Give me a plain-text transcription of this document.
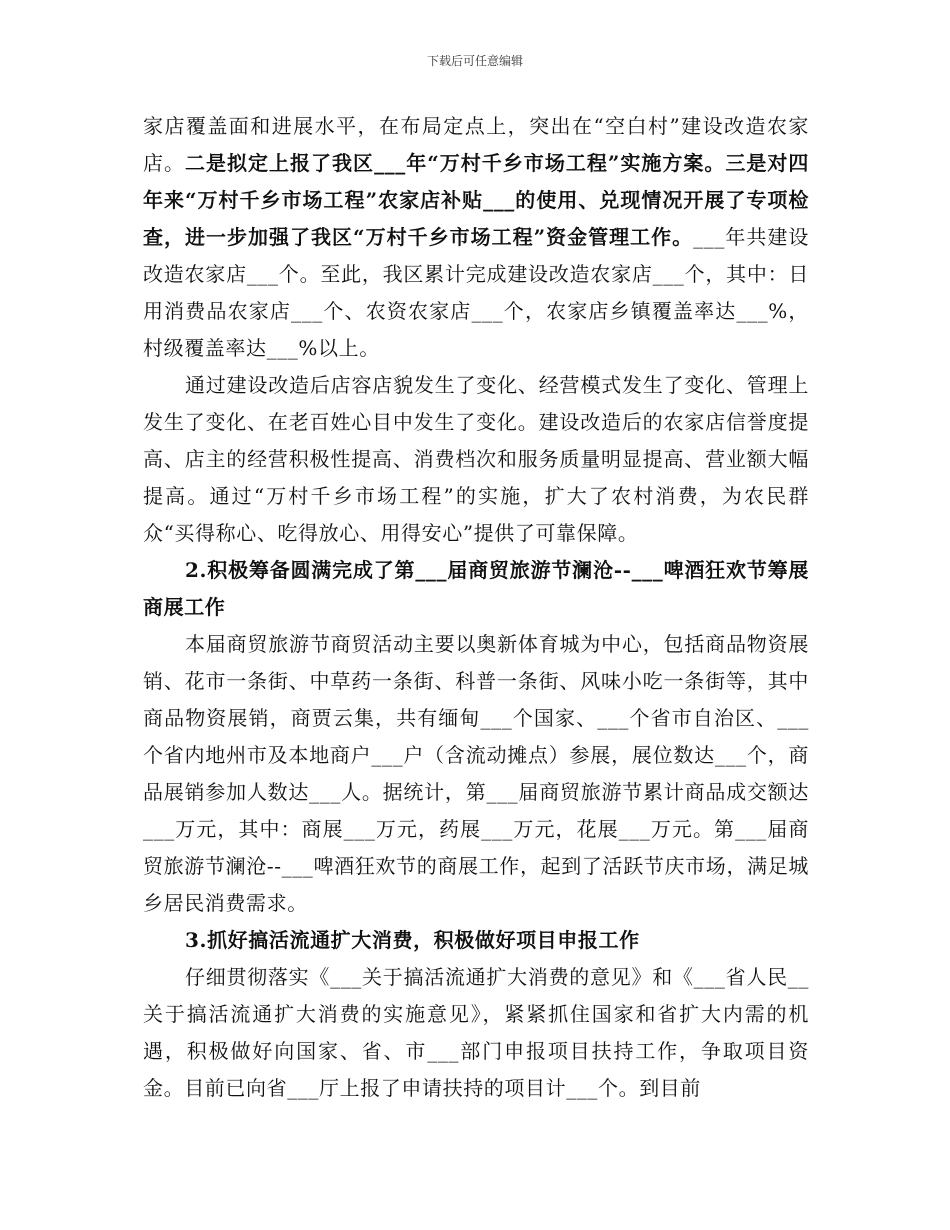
下载后可任意编辑

家店覆盖面和进展水平，在布局定点上，突出在“空白村”建设改造农家店。二是拟定上报了我区___年“万村千乡市场工程”实施方案。三是对四年来“万村千乡市场工程”农家店补贴___的使用、兑现情况开展了专项检查，进一步加强了我区“万村千乡市场工程”资金管理工作。___年共建设改造农家店___个。至此，我区累计完成建设改造农家店___个，其中：日用消费品农家店___个、农资农家店___个，农家店乡镇覆盖率达___%，村级覆盖率达___%以上。

通过建设改造后店容店貌发生了变化、经营模式发生了变化、管理上发生了变化、在老百姓心目中发生了变化。建设改造后的农家店信誉度提高、店主的经营积极性提高、消费档次和服务质量明显提高、营业额大幅提高。通过“万村千乡市场工程”的实施，扩大了农村消费，为农民群众“买得称心、吃得放心、用得安心”提供了可靠保障。

2.积极筹备圆满完成了第___届商贸旅游节澜沧--___啤酒狂欢节筹展商展工作

本届商贸旅游节商贸活动主要以奥新体育城为中心，包括商品物资展销、花市一条街、中草药一条街、科普一条街、风味小吃一条街等，其中商品物资展销，商贾云集，共有缅甸___个国家、___个省市自治区、___个省内地州市及本地商户___户（含流动摊点）参展，展位数达___个，商品展销参加人数达___人。据统计，第___届商贸旅游节累计商品成交额达___万元，其中：商展___万元，药展___万元，花展___万元。第___届商贸旅游节澜沧--___啤酒狂欢节的商展工作，起到了活跃节庆市场，满足城乡居民消费需求。

3.抓好搞活流通扩大消费，积极做好项目申报工作

仔细贯彻落实《___关于搞活流通扩大消费的意见》和《___省人民__关于搞活流通扩大消费的实施意见》，紧紧抓住国家和省扩大内需的机遇，积极做好向国家、省、市___部门申报项目扶持工作，争取项目资金。目前已向省___厅上报了申请扶持的项目计___个。到目前
